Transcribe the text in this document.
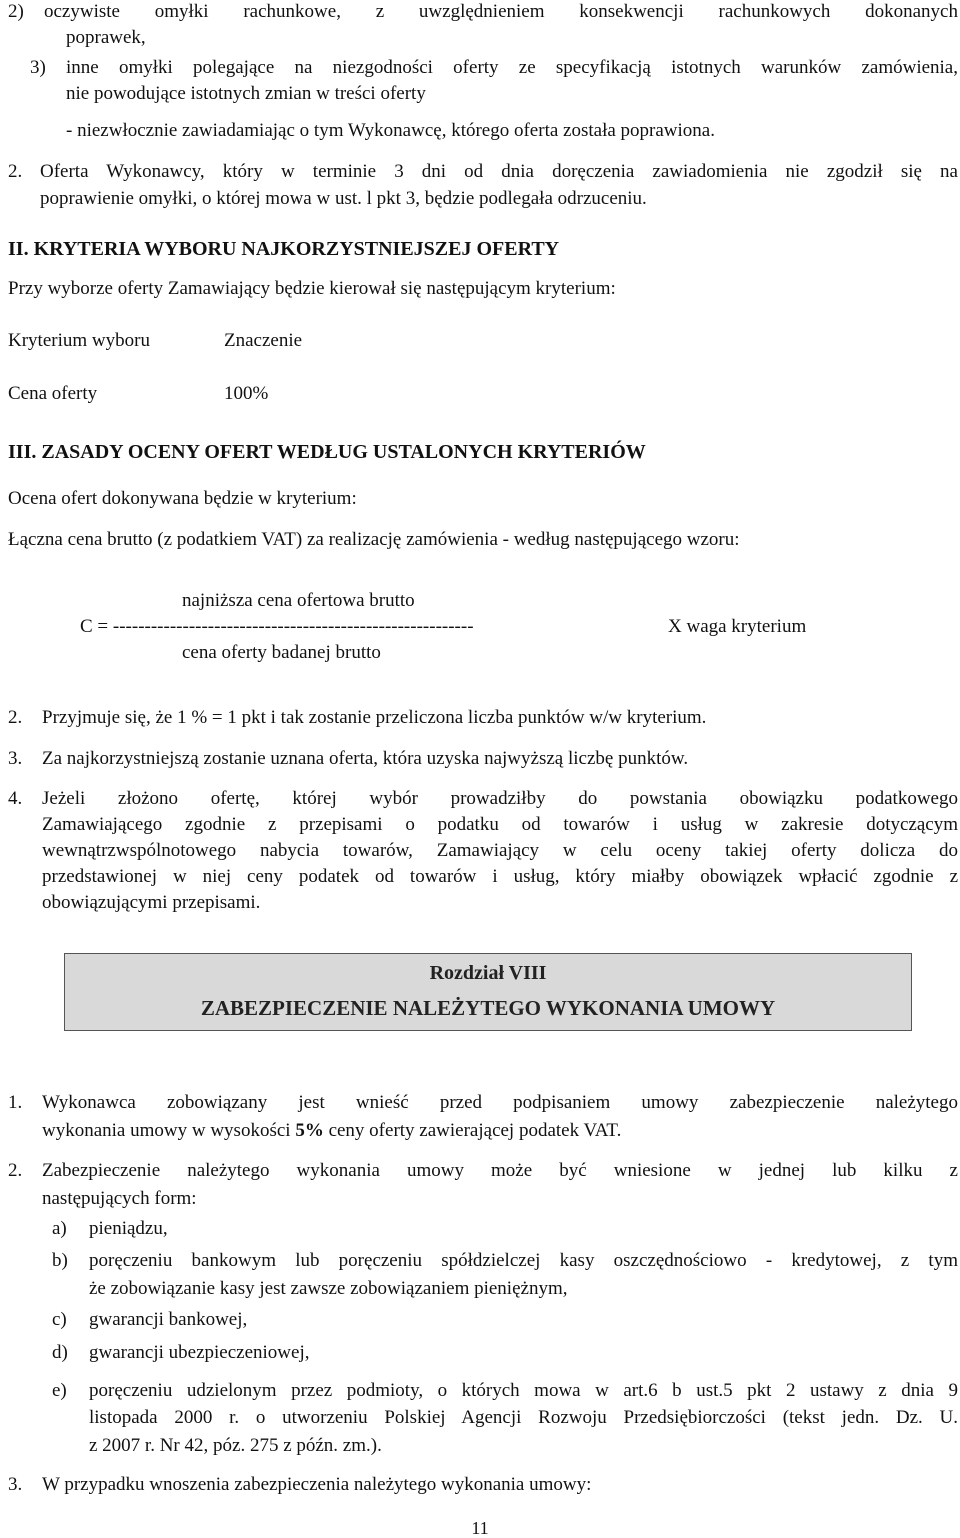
2) oczywiste omyłki rachunkowe, z uwzględnieniem konsekwencji rachunkowych dokonanych
poprawek,
3) inne omyłki polegające na niezgodności oferty ze specyfikacją istotnych warunków zamówienia,
nie powodujące istotnych zmian w treści oferty
- niezwłocznie zawiadamiając o tym Wykonawcę, którego oferta została poprawiona.
2. Oferta Wykonawcy, który w terminie 3 dni od dnia doręczenia zawiadomienia nie zgodził się na
poprawienie omyłki, o której mowa w ust. l pkt 3, będzie podlegała odrzuceniu.
II. KRYTERIA WYBORU NAJKORZYSTNIEJSZEJ OFERTY
Przy wyborze oferty Zamawiający będzie kierował się następującym kryterium:
Kryterium wyboru	Znaczenie
Cena oferty	100%
III. ZASADY OCENY OFERT WEDŁUG USTALONYCH KRYTERIÓW
Ocena ofert dokonywana będzie w kryterium:
Łączna cena brutto (z podatkiem VAT) za realizację zamówienia - według następującego wzoru:
najniższa cena ofertowa brutto
C = ---------------------------------------------------------	X waga kryterium
cena oferty badanej brutto
2. Przyjmuje się, że 1 % = 1 pkt i tak zostanie przeliczona liczba punktów w/w kryterium.
3. Za najkorzystniejszą zostanie uznana oferta, która uzyska najwyższą liczbę punktów.
4. Jeżeli złożono ofertę, której wybór prowadziłby do powstania obowiązku podatkowego
Zamawiającego zgodnie z przepisami o podatku od towarów i usług w zakresie dotyczącym
wewnątrzwspólnotowego nabycia towarów, Zamawiający w celu oceny takiej oferty dolicza do
przedstawionej w niej ceny podatek od towarów i usług, który miałby obowiązek wpłacić zgodnie z
obowiązującymi przepisami.
Rozdział VIII
ZABEZPIECZENIE NALEŻYTEGO WYKONANIA UMOWY
1. Wykonawca zobowiązany jest wnieść przed podpisaniem umowy zabezpieczenie należytego
wykonania umowy w wysokości 5% ceny oferty zawierającej podatek VAT.
2. Zabezpieczenie należytego wykonania umowy może być wniesione w jednej lub kilku z
następujących form:
a) pieniądzu,
b) poręczeniu bankowym lub poręczeniu spółdzielczej kasy oszczędnościowo - kredytowej, z tym
że zobowiązanie kasy jest zawsze zobowiązaniem pieniężnym,
c) gwarancji bankowej,
d) gwarancji ubezpieczeniowej,
e) poręczeniu udzielonym przez podmioty, o których mowa w art.6 b ust.5 pkt 2 ustawy z dnia 9
listopada 2000 r. o utworzeniu Polskiej Agencji Rozwoju Przedsiębiorczości (tekst jedn. Dz. U.
z 2007 r. Nr 42, póz. 275 z późn. zm.).
3. W przypadku wnoszenia zabezpieczenia należytego wykonania umowy:
11
